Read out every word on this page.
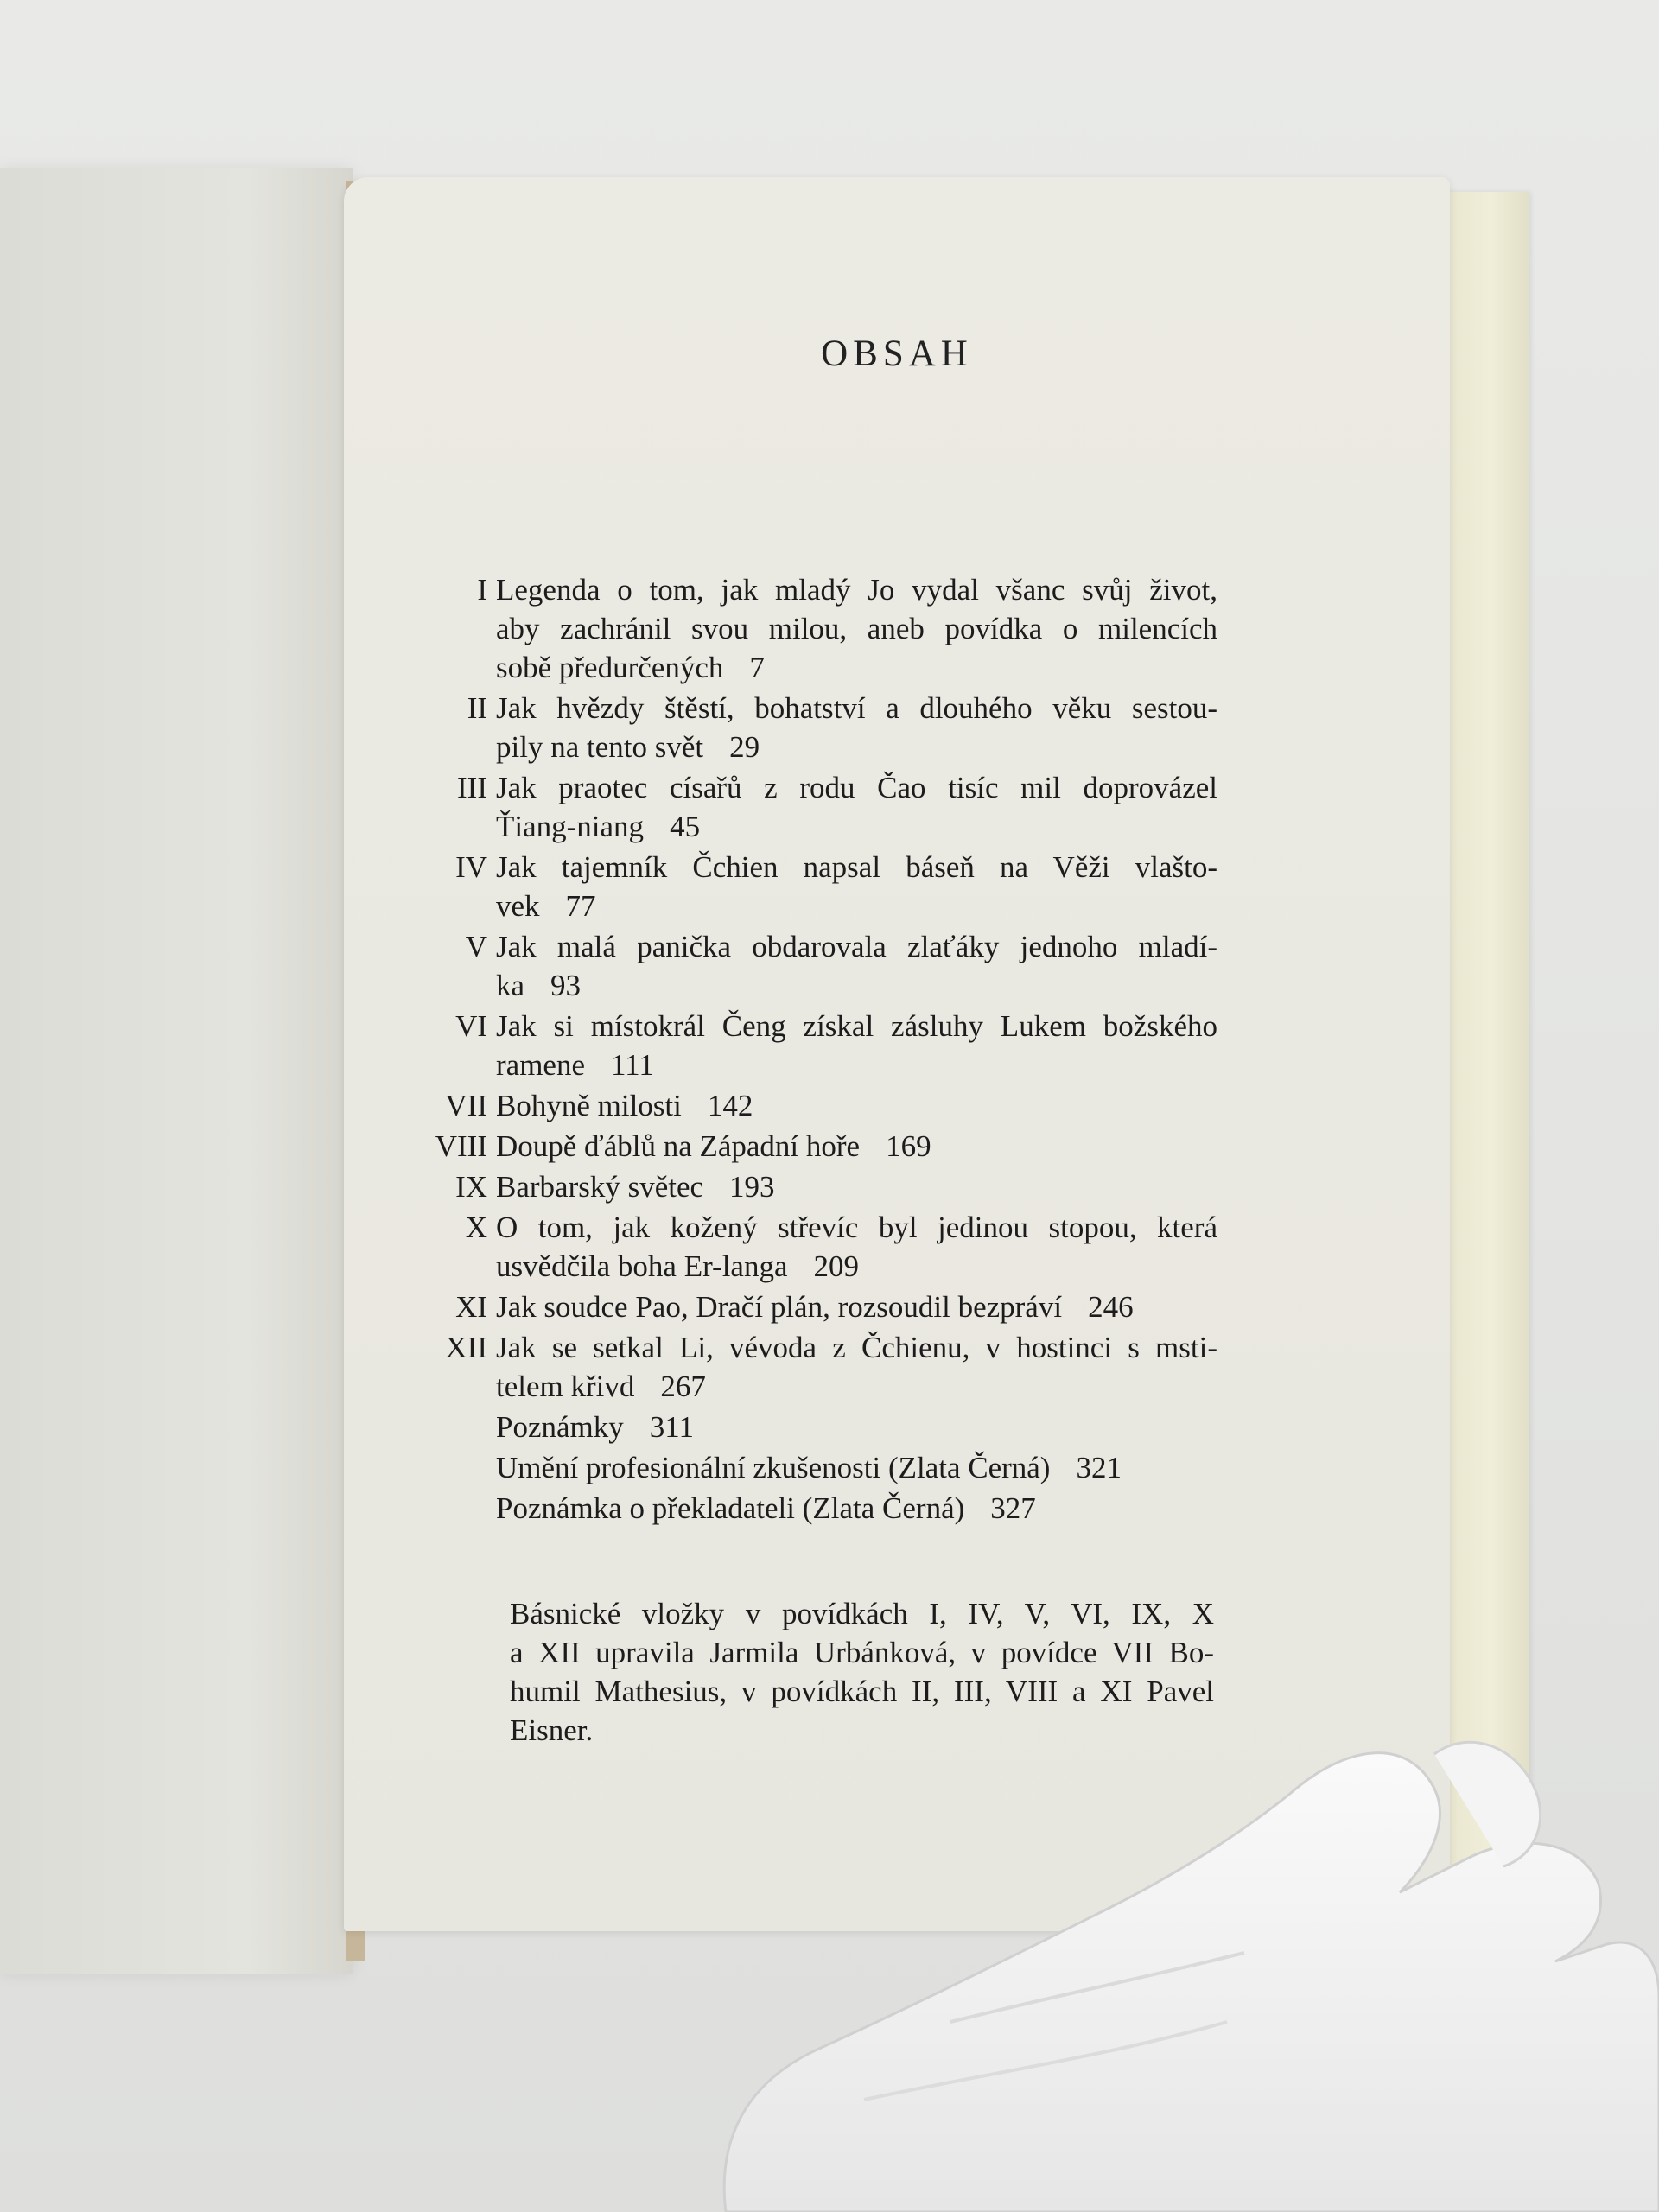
OBSAH
I Legenda o tom, jak mladý Jo vydal všanc svůj život,
aby zachránil svou milou, aneb povídka o milencích
sobě předurčených 7
II Jak hvězdy štěstí, bohatství a dlouhého věku sestou-
pily na tento svět 29
III Jak praotec císařů z rodu Čao tisíc mil doprovázel
Ťiang-niang 45
IV Jak tajemník Čchien napsal báseň na Věži vlašto-
vek 77
V Jak malá panička obdarovala zlaťáky jednoho mladí-
ka 93
VI Jak si místokrál Čeng získal zásluhy Lukem božského
ramene 111
VII Bohyně milosti 142
VIII Doupě ďáblů na Západní hoře 169
IX Barbarský světec 193
X O tom, jak kožený střevíc byl jedinou stopou, která
usvědčila boha Er-langa 209
XI Jak soudce Pao, Dračí plán, rozsoudil bezpráví 246
XII Jak se setkal Li, vévoda z Čchienu, v hostinci s msti-
telem křivd 267
Poznámky 311
Umění profesionální zkušenosti (Zlata Černá) 321
Poznámka o překladateli (Zlata Černá) 327
Básnické vložky v povídkách I, IV, V, VI, IX, X
a XII upravila Jarmila Urbánková, v povídce VII Bo-
humil Mathesius, v povídkách II, III, VIII a XI Pavel
Eisner.
